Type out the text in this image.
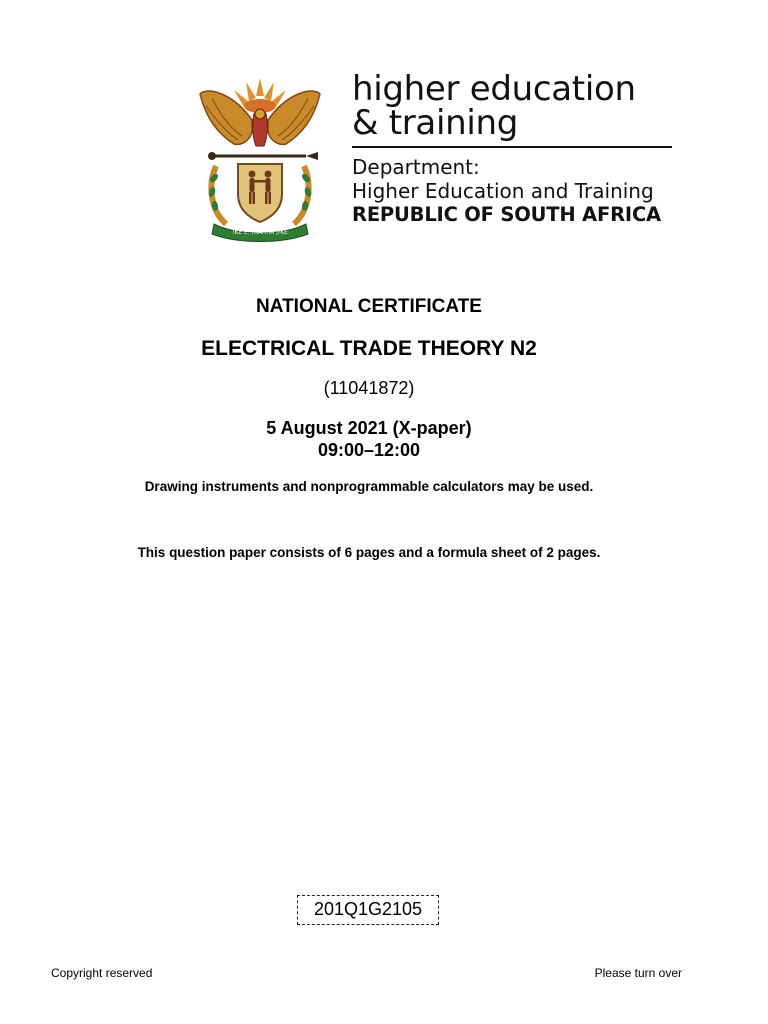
!KE E: /XARRA //KE
higher education
& training
Department:
Higher Education and Training
REPUBLIC OF SOUTH AFRICA
NATIONAL CERTIFICATE
ELECTRICAL TRADE THEORY N2
(11041872)
5 August 2021 (X-paper)
09:00–12:00
Drawing instruments and nonprogrammable calculators may be used.
This question paper consists of 6 pages and a formula sheet of 2 pages.
201Q1G2105
Copyright reserved	Please turn over
